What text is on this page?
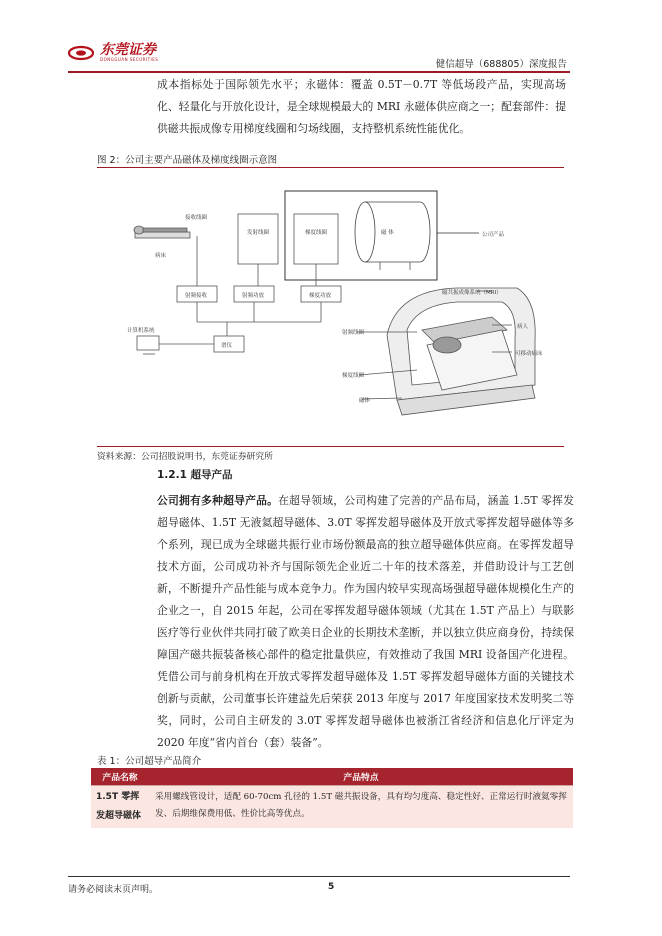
东莞证券
DONGGUAN SECURITIES	健信超导（688805）深度报告
成本指标处于国际领先水平；永磁体：覆盖 0.5T－0.7T 等低场段产品，实现高场化、轻量化与开放化设计，是全球规模最大的 MRI 永磁体供应商之一；配套部件：提供磁共振成像专用梯度线圈和匀场线圈，支持整机系统性能优化。
图 2：公司主要产品磁体及梯度线圈示意图
接收线圈
病床
发射线圈	梯度线圈	磁 体	公司产品
射频接收	射频功放	梯度功放
计算机系统
谱仪
磁共振成像系统（MRI）
射频线圈
病人
可移动病床
梯度线圈
磁体
资料来源：公司招股说明书，东莞证券研究所
1.2.1 超导产品
公司拥有多种超导产品。在超导领域，公司构建了完善的产品布局，涵盖 1.5T 零挥发超导磁体、1.5T 无液氦超导磁体、3.0T 零挥发超导磁体及开放式零挥发超导磁体等多个系列，现已成为全球磁共振行业市场份额最高的独立超导磁体供应商。在零挥发超导技术方面，公司成功补齐与国际领先企业近二十年的技术落差，并借助设计与工艺创新，不断提升产品性能与成本竞争力。作为国内较早实现高场强超导磁体规模化生产的企业之一，自 2015 年起，公司在零挥发超导磁体领域（尤其在 1.5T 产品上）与联影医疗等行业伙伴共同打破了欧美日企业的长期技术垄断，并以独立供应商身份，持续保障国产磁共振装备核心部件的稳定批量供应，有效推动了我国 MRI 设备国产化进程。凭借公司与前身机构在开放式零挥发超导磁体及 1.5T 零挥发超导磁体方面的关键技术创新与贡献，公司董事长许建益先后荣获 2013 年度与 2017 年度国家技术发明奖二等奖，同时，公司自主研发的 3.0T 零挥发超导磁体也被浙江省经济和信息化厅评定为 2020 年度“省内首台（套）装备”。
表 1：公司超导产品简介
产品名称	产品特点
1.5T 零挥发超导磁体	采用螺线管设计，适配 60-70cm 孔径的 1.5T 磁共振设备，具有均匀度高、稳定性好、正常运行时液氦零挥发、后期维保费用低、性价比高等优点。
请务必阅读末页声明。	5
